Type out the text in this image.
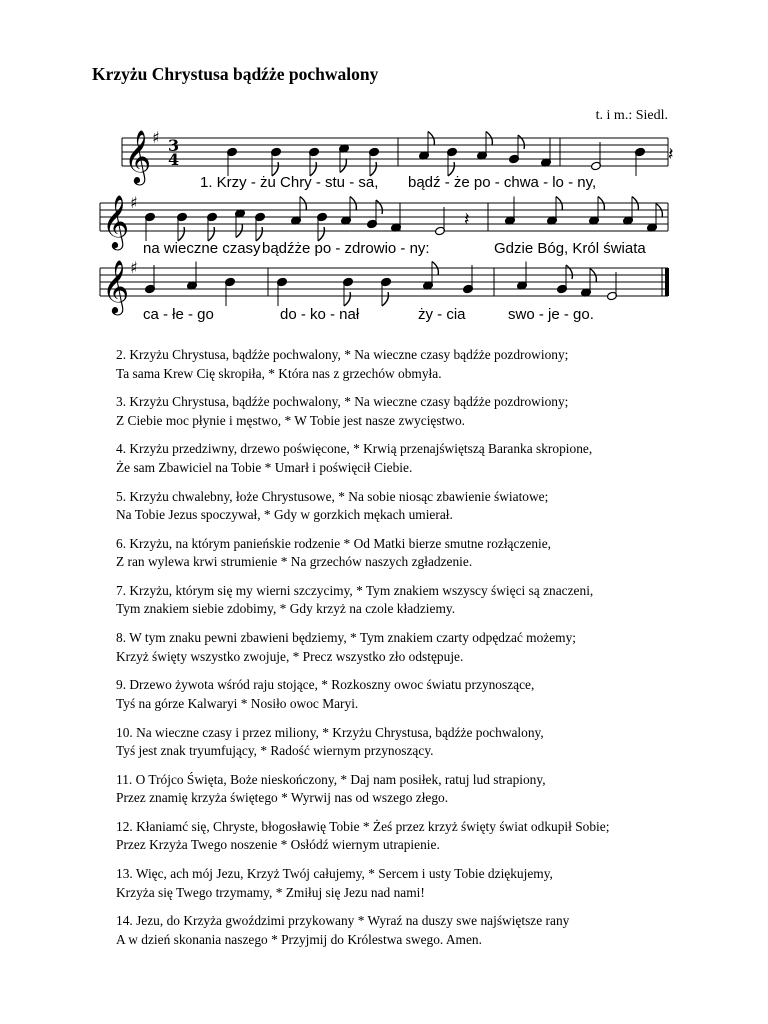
Krzyżu Chrystusa bądźże pochwalony
t. i m.: Siedl.
𝄞 ♯ 3
4	𝄽
𝄞 ♯
𝄽
𝄞 ♯
1. Krzy - żu Chry - stu - sa, bądź - że po - chwa - lo - ny,
na wieczne czasy bądźże po - zdrowio - ny:	Gdzie Bóg, Król świata
ca - łe - go	do - ko - nał	ży - cia	swo - je - go.

2. Krzyżu Chrystusa, bądźże pochwalony, * Na wieczne czasy bądźże pozdrowiony;
Ta sama Krew Cię skropiła, * Która nas z grzechów obmyła.

3. Krzyżu Chrystusa, bądźże pochwalony, * Na wieczne czasy bądźże pozdrowiony;
Z Ciebie moc płynie i męstwo, * W Tobie jest nasze zwycięstwo.

4. Krzyżu przedziwny, drzewo poświęcone, * Krwią przenajświętszą Baranka skropione,
Że sam Zbawiciel na Tobie * Umarł i poświęcił Ciebie.

5. Krzyżu chwalebny, łoże Chrystusowe, * Na sobie niosąc zbawienie światowe;
Na Tobie Jezus spoczywał, * Gdy w gorzkich mękach umierał.

6. Krzyżu, na którym panieńskie rodzenie * Od Matki bierze smutne rozłączenie,
Z ran wylewa krwi strumienie * Na grzechów naszych zgładzenie.

7. Krzyżu, którym się my wierni szczycimy, * Tym znakiem wszyscy święci są znaczeni,
Tym znakiem siebie zdobimy, * Gdy krzyż na czole kładziemy.

8. W tym znaku pewni zbawieni będziemy, * Tym znakiem czarty odpędzać możemy;
Krzyż święty wszystko zwojuje, * Precz wszystko zło odstępuje.

9. Drzewo żywota wśród raju stojące, * Rozkoszny owoc światu przynoszące,
Tyś na górze Kalwaryi * Nosiło owoc Maryi.

10. Na wieczne czasy i przez miliony, * Krzyżu Chrystusa, bądźże pochwalony,
Tyś jest znak tryumfujący, * Radość wiernym przynoszący.

11. O Trójco Święta, Boże nieskończony, * Daj nam posiłek, ratuj lud strapiony,
Przez znamię krzyża świętego * Wyrwij nas od wszego złego.

12. Kłaniamć się, Chryste, błogosławię Tobie * Żeś przez krzyż święty świat odkupił Sobie;
Przez Krzyża Twego noszenie * Osłódź wiernym utrapienie.

13. Więc, ach mój Jezu, Krzyż Twój całujemy, * Sercem i usty Tobie dziękujemy,
Krzyża się Twego trzymamy, * Zmiłuj się Jezu nad nami!

14. Jezu, do Krzyża gwoździmi przykowany * Wyraź na duszy swe najświętsze rany
A w dzień skonania naszego * Przyjmij do Królestwa swego. Amen.
